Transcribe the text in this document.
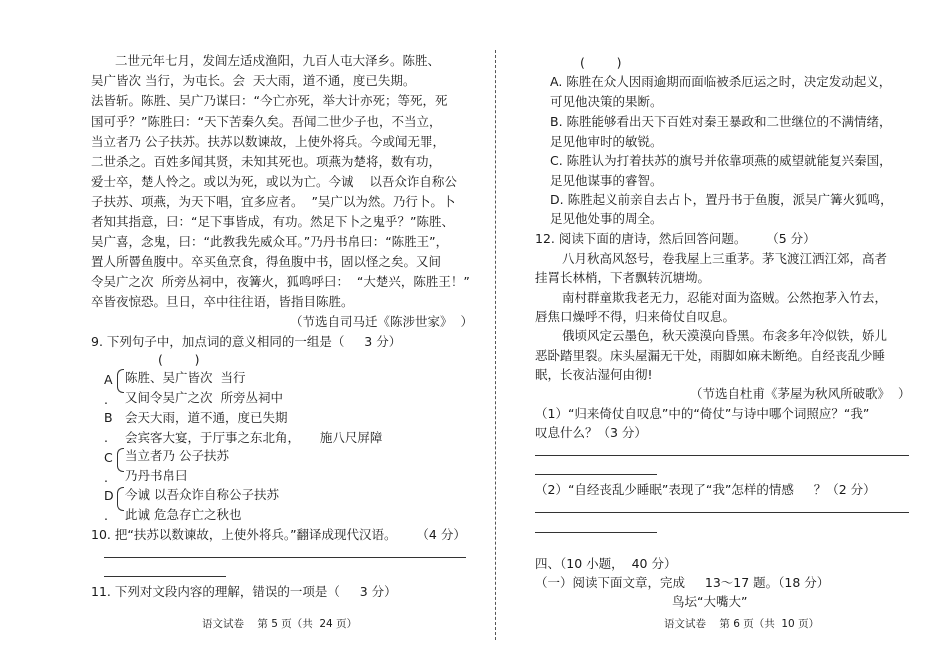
二世元年七月，发闾左适戍渔阳，九百人屯大泽乡。陈胜、
吴广皆次 当行，为屯长。会  天大雨，道不通，度已失期。
法皆斩。陈胜、吴广乃谋曰：“今亡亦死，举大计亦死；等死，死
国可乎？”陈胜曰：“天下苦秦久矣。吾闻二世少子也，不当立，
当立者乃 公子扶苏。扶苏以数谏故，上使外将兵。今或闻无罪，
二世杀之。百姓多闻其贤，未知其死也。项燕为楚将，数有功，
爱士卒，楚人怜之。或以为死，或以为亡。今诚    以吾众诈自称公
子扶苏、项燕，为天下唱，宜多应者。  ”吴广以为然。乃行卜。卜
者知其指意，曰：“足下事皆成，有功。然足下卜之鬼乎？”陈胜、
吴广喜，念鬼，曰：“此教我先威众耳。”乃丹书帛曰：“陈胜王”，
置人所罾鱼腹中。卒买鱼烹食，得鱼腹中书，固以怪之矣。又间
令吴广之次  所旁丛祠中，夜篝火，狐鸣呼曰：  “大楚兴，陈胜王！”
卒皆夜惊恐。旦日，卒中往往语，皆指目陈胜。
（节选自司马迁《陈涉世家》  ）
9. 下列句子中，加点词的意义相同的一组是（     3 分）
(        )
A 陈胜、吴广皆次  当行
. 又间令吴广之次  所旁丛祠中
B 会天大雨，道不通，度已失期
. 会宾客大宴，于厅事之东北角，     施八尺屏障
C 当立者乃 公子扶苏
. 乃丹书帛曰
D 今诚 以吾众诈自称公子扶苏
. 此诚 危急存亡之秋也
10. 把“扶苏以数谏故，上使外将兵。”翻译成现代汉语。     （4 分）
11. 下列对文段内容的理解，错误的一项是（     3 分）
语文试卷    第 5 页（共  24 页）
(        )
A. 陈胜在众人因雨逾期而面临被杀厄运之时，决定发动起义，
可见他决策的果断。
B. 陈胜能够看出天下百姓对秦王暴政和二世继位的不满情绪，
足见他审时的敏锐。
C. 陈胜认为打着扶苏的旗号并依靠项燕的威望就能复兴秦国，
足见他谋事的睿智。
D. 陈胜起义前亲自去占卜，置丹书于鱼腹，派吴广篝火狐鸣，
足见他处事的周全。
12. 阅读下面的唐诗，然后回答问题。     （5 分）
八月秋高风怒号，卷我屋上三重茅。茅飞渡江洒江郊，高者
挂罥长林梢，下者飘转沉塘坳。
南村群童欺我老无力，忍能对面为盗贼。公然抱茅入竹去，
唇焦口燥呼不得，归来倚仗自叹息。
俄顷风定云墨色，秋天漠漠向昏黑。布衾多年冷似铁，娇儿
恶卧踏里裂。床头屋漏无干处，雨脚如麻未断绝。自经丧乱少睡
眠，长夜沾湿何由彻!
（节选自杜甫《茅屋为秋风所破歌》  ）
（1）“归来倚仗自叹息”中的“倚仗”与诗中哪个词照应？“我”
叹息什么？（3 分）
（2）“自经丧乱少睡眠”表现了“我”怎样的情感     ？（2 分）
四、（10 小题，  40 分）
（一）阅读下面文章，完成     13～17 题。（18 分）
鸟坛“大嘴大”
语文试卷    第 6 页（共  10 页）
